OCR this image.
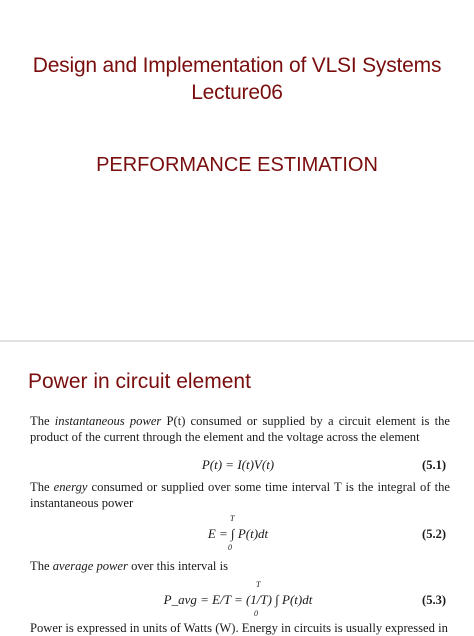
Design and Implementation of VLSI Systems
Lecture06
PERFORMANCE ESTIMATION
Power in circuit element
The instantaneous power P(t) consumed or supplied by a circuit element is the product of the current through the element and the voltage across the element
P(t) = I(t)V(t)	(5.1)
The energy consumed or supplied over some time interval T is the integral of the instantaneous power
T
E = ∫ P(t)dt
0
(5.2)
The average power over this interval is
T
P_avg = E/T = (1/T) ∫ P(t)dt
0
(5.3)
Power is expressed in units of Watts (W). Energy in circuits is usually expressed in
